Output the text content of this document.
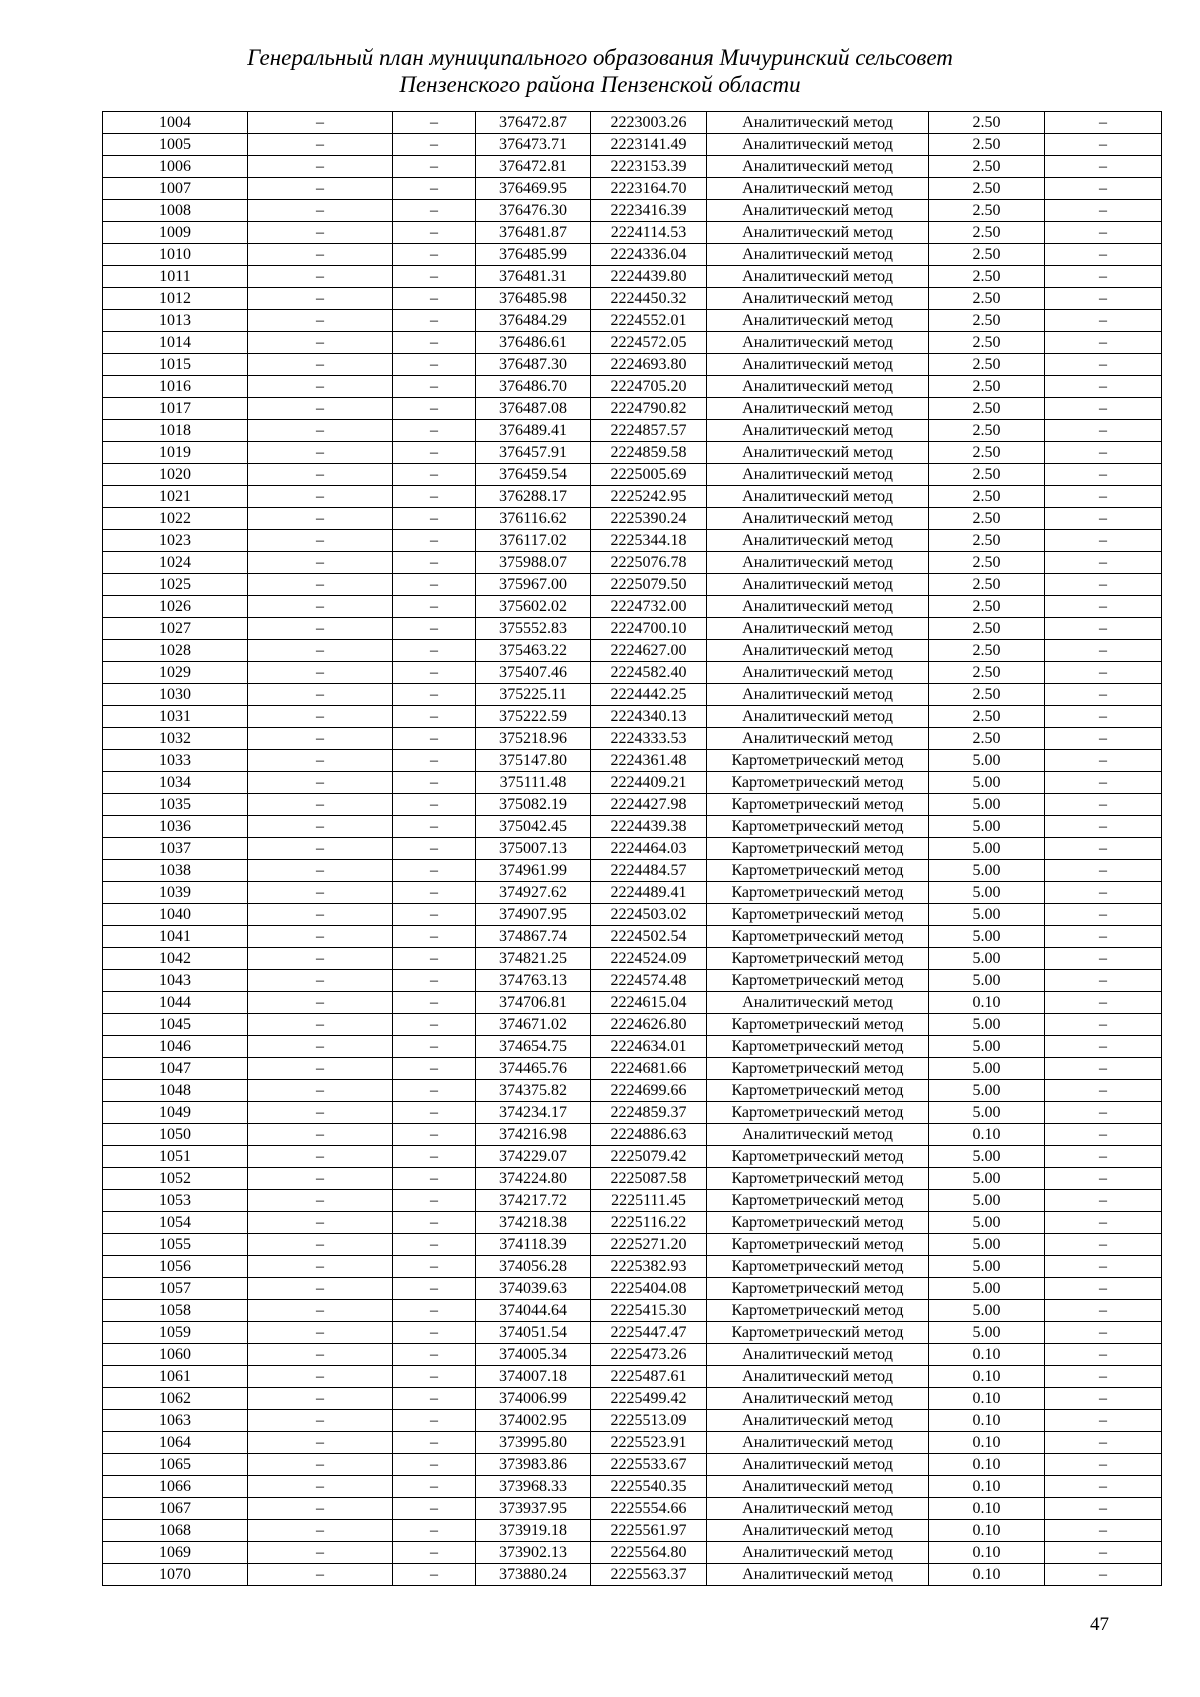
Генеральный план муниципального образования Мичуринский сельсовет
Пензенского района Пензенской области
1004	–	–	376472.87	2223003.26	Аналитический метод	2.50	–
1005	–	–	376473.71	2223141.49	Аналитический метод	2.50	–
1006	–	–	376472.81	2223153.39	Аналитический метод	2.50	–
1007	–	–	376469.95	2223164.70	Аналитический метод	2.50	–
1008	–	–	376476.30	2223416.39	Аналитический метод	2.50	–
1009	–	–	376481.87	2224114.53	Аналитический метод	2.50	–
1010	–	–	376485.99	2224336.04	Аналитический метод	2.50	–
1011	–	–	376481.31	2224439.80	Аналитический метод	2.50	–
1012	–	–	376485.98	2224450.32	Аналитический метод	2.50	–
1013	–	–	376484.29	2224552.01	Аналитический метод	2.50	–
1014	–	–	376486.61	2224572.05	Аналитический метод	2.50	–
1015	–	–	376487.30	2224693.80	Аналитический метод	2.50	–
1016	–	–	376486.70	2224705.20	Аналитический метод	2.50	–
1017	–	–	376487.08	2224790.82	Аналитический метод	2.50	–
1018	–	–	376489.41	2224857.57	Аналитический метод	2.50	–
1019	–	–	376457.91	2224859.58	Аналитический метод	2.50	–
1020	–	–	376459.54	2225005.69	Аналитический метод	2.50	–
1021	–	–	376288.17	2225242.95	Аналитический метод	2.50	–
1022	–	–	376116.62	2225390.24	Аналитический метод	2.50	–
1023	–	–	376117.02	2225344.18	Аналитический метод	2.50	–
1024	–	–	375988.07	2225076.78	Аналитический метод	2.50	–
1025	–	–	375967.00	2225079.50	Аналитический метод	2.50	–
1026	–	–	375602.02	2224732.00	Аналитический метод	2.50	–
1027	–	–	375552.83	2224700.10	Аналитический метод	2.50	–
1028	–	–	375463.22	2224627.00	Аналитический метод	2.50	–
1029	–	–	375407.46	2224582.40	Аналитический метод	2.50	–
1030	–	–	375225.11	2224442.25	Аналитический метод	2.50	–
1031	–	–	375222.59	2224340.13	Аналитический метод	2.50	–
1032	–	–	375218.96	2224333.53	Аналитический метод	2.50	–
1033	–	–	375147.80	2224361.48	Картометрический метод	5.00	–
1034	–	–	375111.48	2224409.21	Картометрический метод	5.00	–
1035	–	–	375082.19	2224427.98	Картометрический метод	5.00	–
1036	–	–	375042.45	2224439.38	Картометрический метод	5.00	–
1037	–	–	375007.13	2224464.03	Картометрический метод	5.00	–
1038	–	–	374961.99	2224484.57	Картометрический метод	5.00	–
1039	–	–	374927.62	2224489.41	Картометрический метод	5.00	–
1040	–	–	374907.95	2224503.02	Картометрический метод	5.00	–
1041	–	–	374867.74	2224502.54	Картометрический метод	5.00	–
1042	–	–	374821.25	2224524.09	Картометрический метод	5.00	–
1043	–	–	374763.13	2224574.48	Картометрический метод	5.00	–
1044	–	–	374706.81	2224615.04	Аналитический метод	0.10	–
1045	–	–	374671.02	2224626.80	Картометрический метод	5.00	–
1046	–	–	374654.75	2224634.01	Картометрический метод	5.00	–
1047	–	–	374465.76	2224681.66	Картометрический метод	5.00	–
1048	–	–	374375.82	2224699.66	Картометрический метод	5.00	–
1049	–	–	374234.17	2224859.37	Картометрический метод	5.00	–
1050	–	–	374216.98	2224886.63	Аналитический метод	0.10	–
1051	–	–	374229.07	2225079.42	Картометрический метод	5.00	–
1052	–	–	374224.80	2225087.58	Картометрический метод	5.00	–
1053	–	–	374217.72	2225111.45	Картометрический метод	5.00	–
1054	–	–	374218.38	2225116.22	Картометрический метод	5.00	–
1055	–	–	374118.39	2225271.20	Картометрический метод	5.00	–
1056	–	–	374056.28	2225382.93	Картометрический метод	5.00	–
1057	–	–	374039.63	2225404.08	Картометрический метод	5.00	–
1058	–	–	374044.64	2225415.30	Картометрический метод	5.00	–
1059	–	–	374051.54	2225447.47	Картометрический метод	5.00	–
1060	–	–	374005.34	2225473.26	Аналитический метод	0.10	–
1061	–	–	374007.18	2225487.61	Аналитический метод	0.10	–
1062	–	–	374006.99	2225499.42	Аналитический метод	0.10	–
1063	–	–	374002.95	2225513.09	Аналитический метод	0.10	–
1064	–	–	373995.80	2225523.91	Аналитический метод	0.10	–
1065	–	–	373983.86	2225533.67	Аналитический метод	0.10	–
1066	–	–	373968.33	2225540.35	Аналитический метод	0.10	–
1067	–	–	373937.95	2225554.66	Аналитический метод	0.10	–
1068	–	–	373919.18	2225561.97	Аналитический метод	0.10	–
1069	–	–	373902.13	2225564.80	Аналитический метод	0.10	–
1070	–	–	373880.24	2225563.37	Аналитический метод	0.10	–
47
